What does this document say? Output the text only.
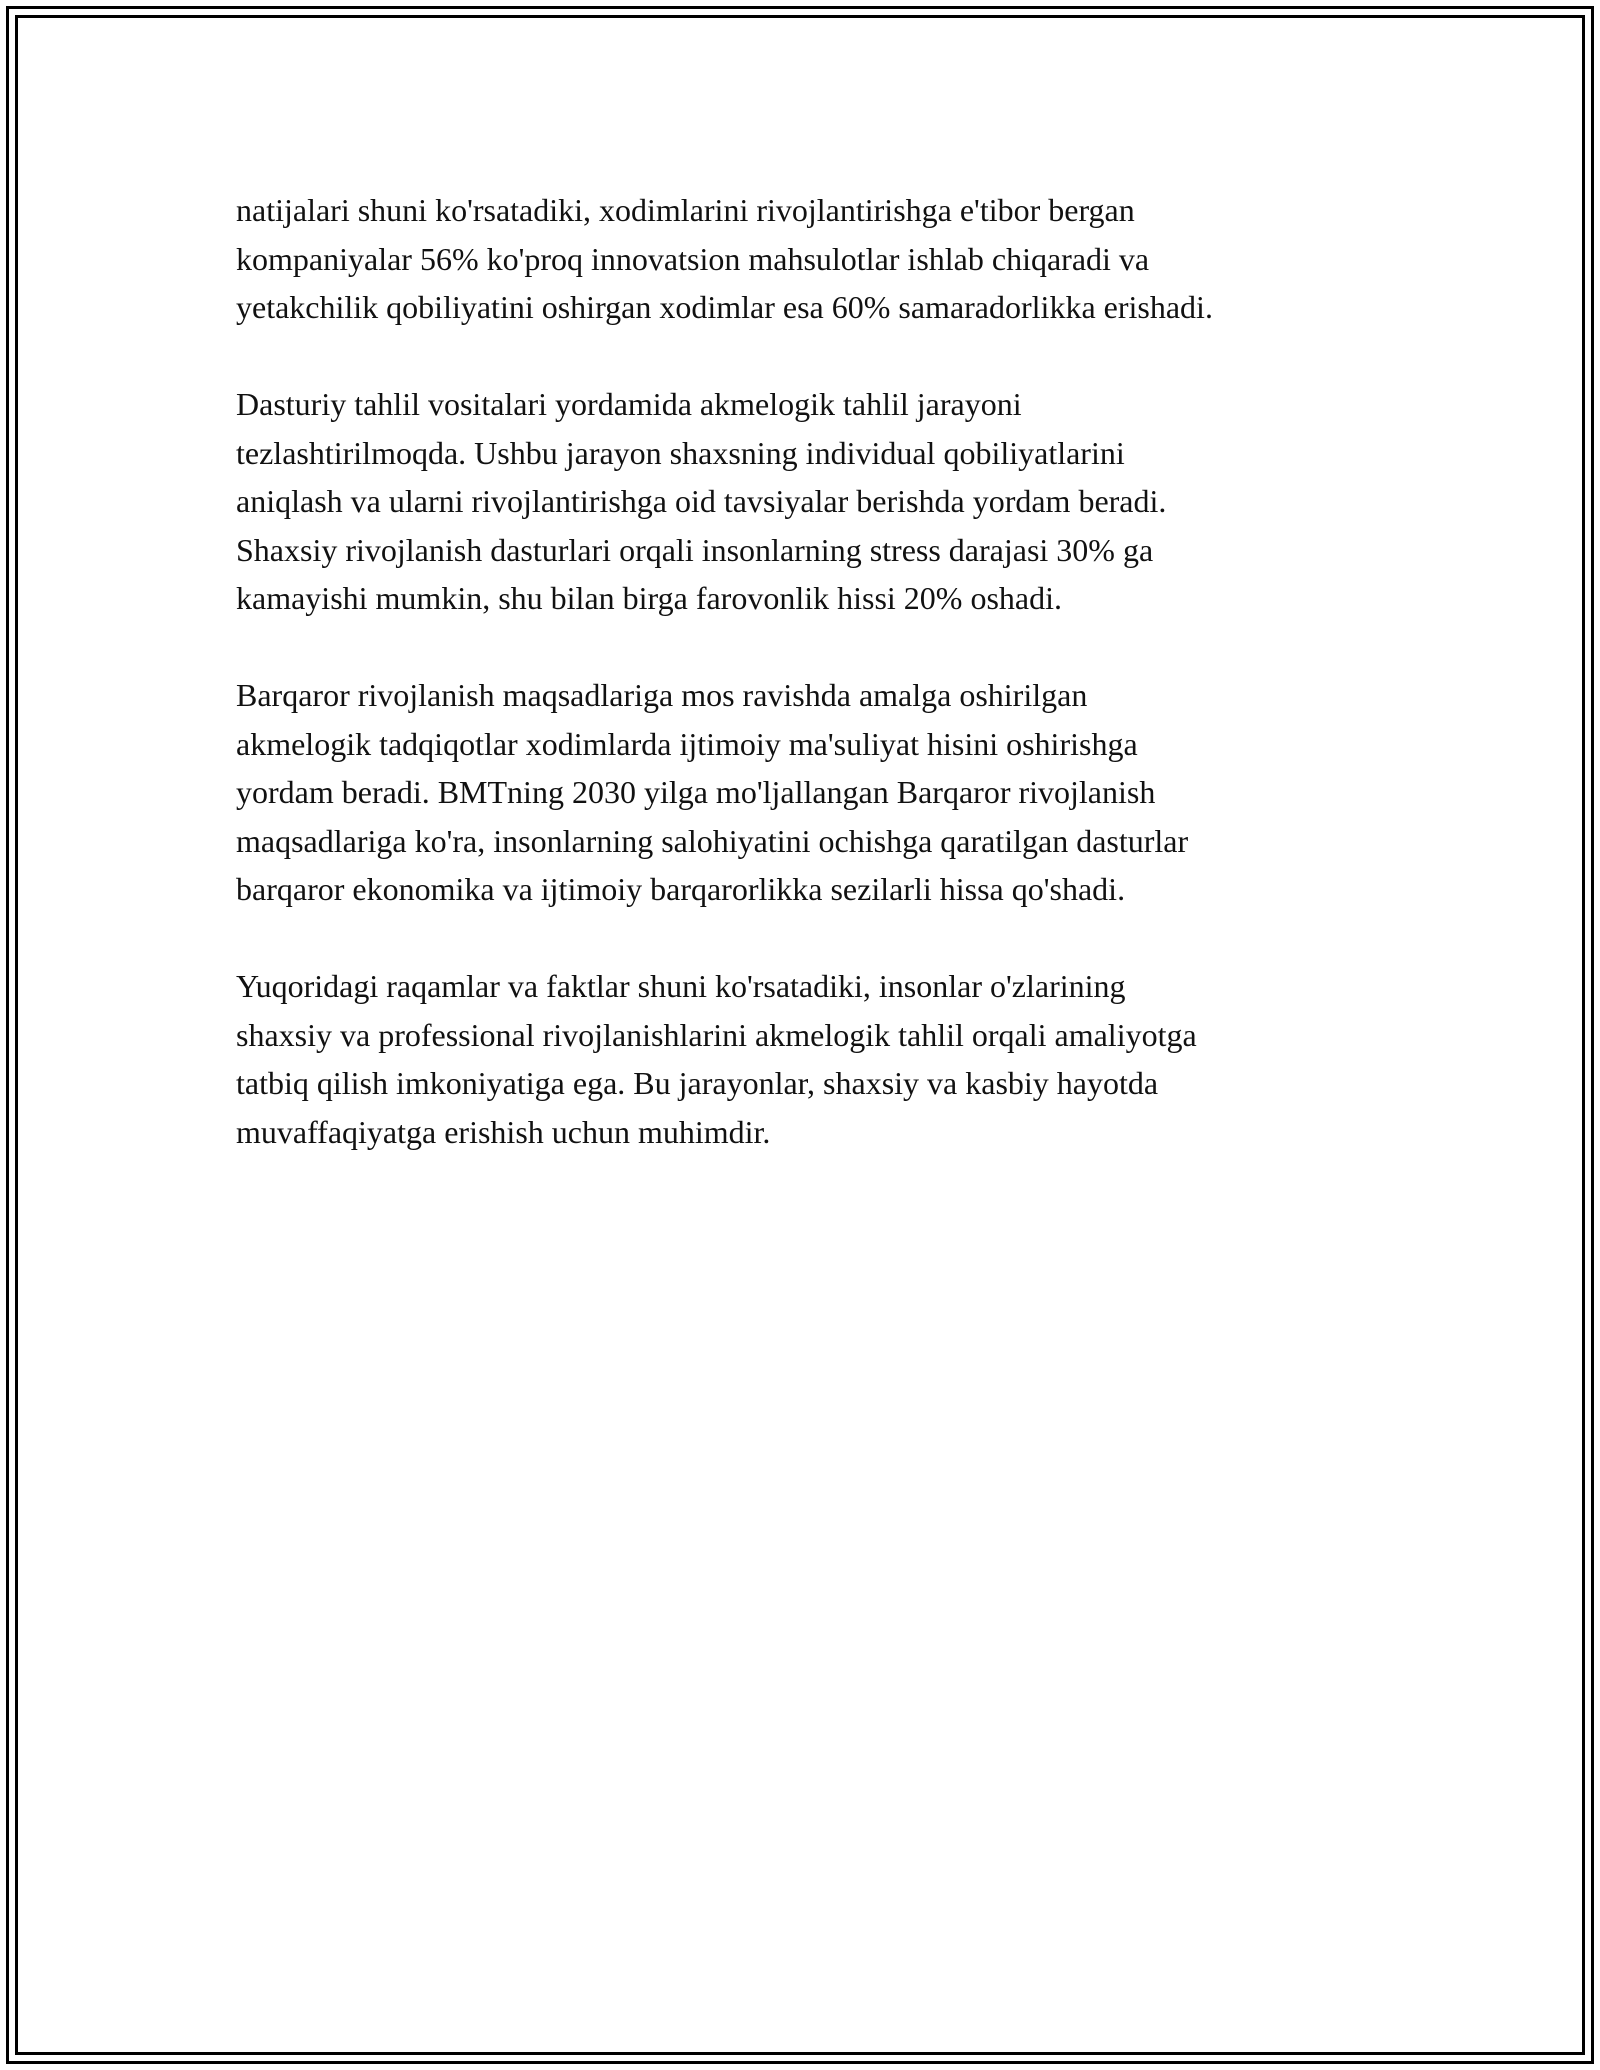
natijalari shuni ko'rsatadiki, xodimlarini rivojlantirishga e'tibor bergan
kompaniyalar 56% ko'proq innovatsion mahsulotlar ishlab chiqaradi va
yetakchilik qobiliyatini oshirgan xodimlar esa 60% samaradorlikka erishadi.

Dasturiy tahlil vositalari yordamida akmelogik tahlil jarayoni
tezlashtirilmoqda. Ushbu jarayon shaxsning individual qobiliyatlarini
aniqlash va ularni rivojlantirishga oid tavsiyalar berishda yordam beradi.
Shaxsiy rivojlanish dasturlari orqali insonlarning stress darajasi 30% ga
kamayishi mumkin, shu bilan birga farovonlik hissi 20% oshadi.

Barqaror rivojlanish maqsadlariga mos ravishda amalga oshirilgan
akmelogik tadqiqotlar xodimlarda ijtimoiy ma'suliyat hisini oshirishga
yordam beradi. BMTning 2030 yilga mo'ljallangan Barqaror rivojlanish
maqsadlariga ko'ra, insonlarning salohiyatini ochishga qaratilgan dasturlar
barqaror ekonomika va ijtimoiy barqarorlikka sezilarli hissa qo'shadi.

Yuqoridagi raqamlar va faktlar shuni ko'rsatadiki, insonlar o'zlarining
shaxsiy va professional rivojlanishlarini akmelogik tahlil orqali amaliyotga
tatbiq qilish imkoniyatiga ega. Bu jarayonlar, shaxsiy va kasbiy hayotda
muvaffaqiyatga erishish uchun muhimdir.
